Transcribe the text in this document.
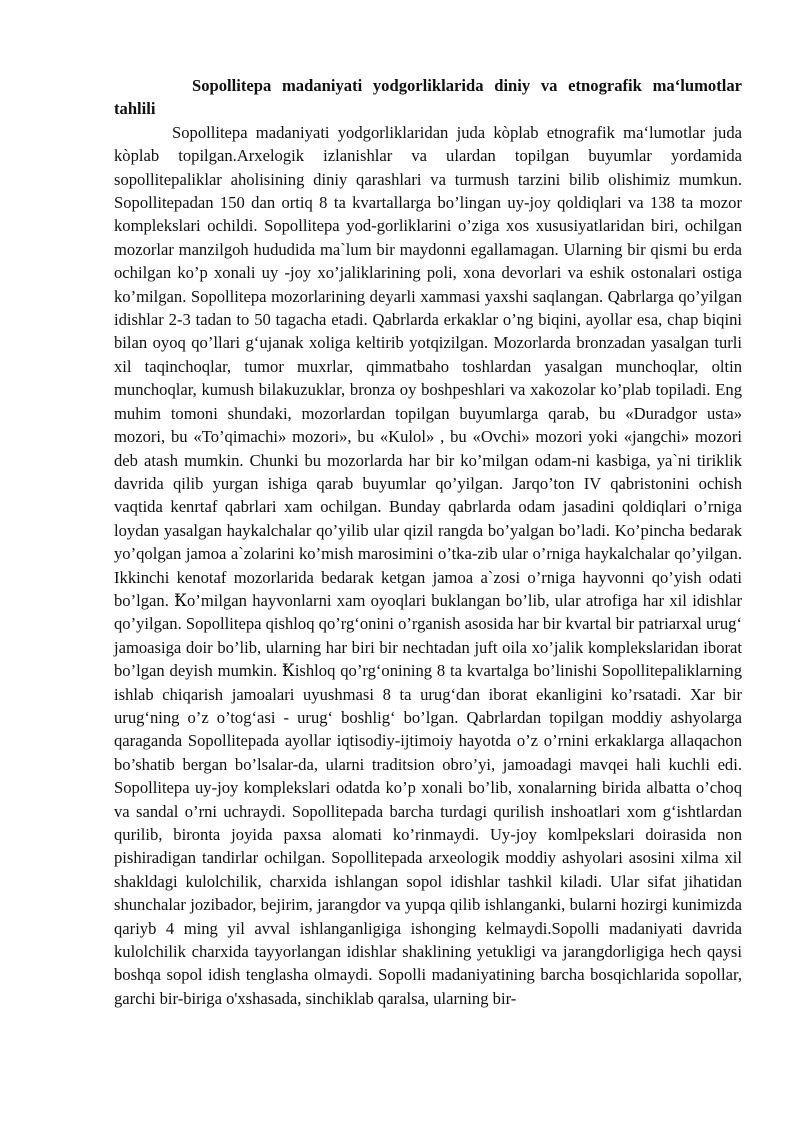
Sopollitepa madaniyati yodgorliklarida diniy va etnografik maʻlumotlar tahlili

Sopollitepa madaniyati yodgorliklaridan juda kòplab etnografik maʻlumotlar juda kòplab topilgan.Arxelogik izlanishlar va ulardan topilgan buyumlar yordamida sopollitepaliklar aholisining diniy qarashlari va turmush tarzini bilib olishimiz mumkun. Sopollitepadan 150 dan ortiq 8 ta kvartallarga bo’lingan uy-joy qoldiqlari va 138 ta mozor komplekslari ochildi. Sopollitepa yod-gorliklarini o’ziga xos xususiyatlaridan biri, ochilgan mozorlar manzilgoh hududida ma`lum bir maydonni egallamagan. Ularning bir qismi bu erda ochilgan ko’p xonali uy -joy xo’jaliklarining poli, xona devorlari va eshik ostonalari ostiga ko’milgan. Sopollitepa mozorlarining deyarli xammasi yaxshi saqlangan. Qabrlarga qo’yilgan idishlar 2-3 tadan to 50 tagacha etadi. Qabrlarda erkaklar o’ng biqini, ayollar esa, chap biqini bilan oyoq qo’llari gʻujanak xoliga keltirib yotqizilgan. Mozorlarda bronzadan yasalgan turli xil taqinchoqlar, tumor muxrlar, qimmatbaho toshlardan yasalgan munchoqlar, oltin munchoqlar, kumush bilakuzuklar, bronza oy boshpeshlari va xakozolar ko’plab topiladi. Eng muhim tomoni shundaki, mozorlardan topilgan buyumlarga qarab, bu «Duradgor usta» mozori, bu «To’qimachi» mozori», bu «Kulol» , bu «Ovchi» mozori yoki «jangchi» mozori deb atash mumkin. Chunki bu mozorlarda har bir ko’milgan odam-ni kasbiga, ya`ni tiriklik davrida qilib yurgan ishiga qarab buyumlar qo’yilgan. Jarqo’ton IV qabristonini ochish vaqtida kenrtaf qabrlari xam ochilgan. Bunday qabrlarda odam jasadini qoldiqlari o’rniga loydan yasalgan haykalchalar qo’yilib ular qizil rangda bo’yalgan bo’ladi. Ko’pincha bedarak yo’qolgan jamoa a`zolarini ko’mish marosimini o’tka-zib ular o’rniga haykalchalar qo’yilgan. Ikkinchi kenotaf mozorlarida bedarak ketgan jamoa a`zosi o’rniga hayvonni qo’yish odati bo’lgan. Ꝁo’milgan hayvonlarni xam oyoqlari buklangan bo’lib, ular atrofiga har xil idishlar qo’yilgan. Sopollitepa qishloq qo’rgʻonini o’rganish asosida har bir kvartal bir patriarxal urugʻ jamoasiga doir bo’lib, ularning har biri bir nechtadan juft oila xo’jalik komplekslaridan iborat bo’lgan deyish mumkin. Ꝁishloq qo’rgʻonining 8 ta kvartalga bo’linishi Sopollitepaliklarning ishlab chiqarish jamoalari uyushmasi 8 ta urugʻdan iborat ekanligini ko’rsatadi. Xar bir urugʻning o’z o’togʻasi - urugʻ boshligʻ bo’lgan. Qabrlardan topilgan moddiy ashyolarga qaraganda Sopollitepada ayollar iqtisodiy-ijtimoiy hayotda o’z o’rnini erkaklarga allaqachon bo’shatib bergan bo’lsalar-da, ularni traditsion obro’yi, jamoadagi mavqei hali kuchli edi. Sopollitepa uy-joy komplekslari odatda ko’p xonali bo’lib, xonalarning birida albatta o’choq va sandal o’rni uchraydi. Sopollitepada barcha turdagi qurilish inshoatlari xom gʻishtlardan qurilib, bironta joyida paxsa alomati ko’rinmaydi. Uy-joy komlpekslari doirasida non pishiradigan tandirlar ochilgan. Sopollitepada arxeologik moddiy ashyolari asosini xilma xil shakldagi kulolchilik, charxida ishlangan sopol idishlar tashkil kiladi. Ular sifat jihatidan shunchalar jozibador, bejirim, jarangdor va yupqa qilib ishlanganki, bularni hozirgi kunimizda qariyb 4 ming yil avval ishlanganligiga ishonging kelmaydi.Sopolli madaniyati davrida kulolchilik charxida tayyorlangan idishlar shaklining yetukligi va jarangdorligiga hech qaysi boshqa sopol idish tenglasha olmaydi. Sopolli madaniyatining barcha bosqichlarida sopollar, garchi bir-biriga o'xshasada, sinchiklab qaralsa, ularning bir-
